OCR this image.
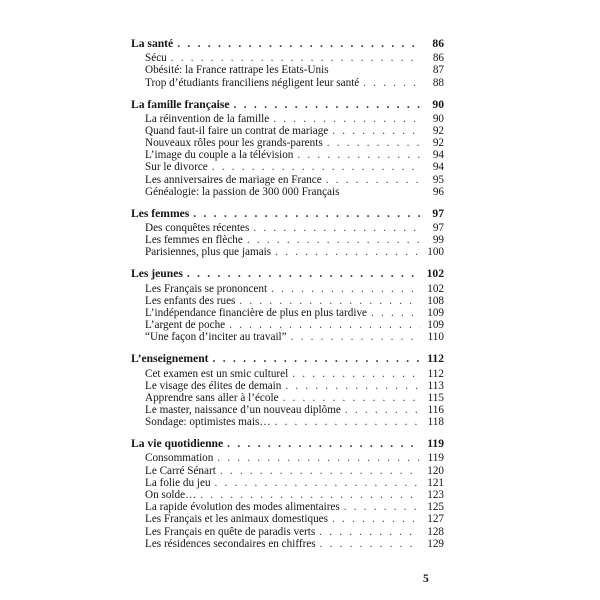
La santé . . .	86
Sécu . . .	86
Obésité: la France rattrape les Etats-Unis	87
Trop d’étudiants franciliens négligent leur santé . . .	88
La famille française . . .	90
La réinvention de la famille . . .	90
Quand faut-il faire un contrat de mariage . . .	92
Nouveaux rôles pour les grands-parents . . .	92
L’image du couple a la télévision . . .	94
Sur le divorce . . .	94
Les anniversaires de mariage en France . . .	95
Généalogie: la passion de 300 000 Français	96
Les femmes . . .	97
Des conquêtes récentes . . .	97
Les femmes en flèche . . .	99
Parisiennes, plus que jamais . . .	100
Les jeunes . . .	102
Les Français se prononcent . . .	102
Les enfants des rues . . .	108
L’indépendance financière de plus en plus tardive . . .	109
L’argent de poche . . .	109
“Une façon d’inciter au travail” . . .	110
L’enseignement . . .	112
Cet examen est un smic culturel . . .	112
Le visage des élites de demain . . .	113
Apprendre sans aller à l’école . . .	115
Le master, naissance d’un nouveau diplôme . . .	116
Sondage: optimistes mais… . . .	118
La vie quotidienne . . .	119
Consommation . . .	119
Le Carré Sénart . . .	120
La folie du jeu . . .	121
On solde… . . .	123
La rapide évolution des modes alimentaires . . .	125
Les Français et les animaux domestiques . . .	127
Les Français en quête de paradis verts . . .	128
Les résidences secondaires en chiffres . . .	129
5
